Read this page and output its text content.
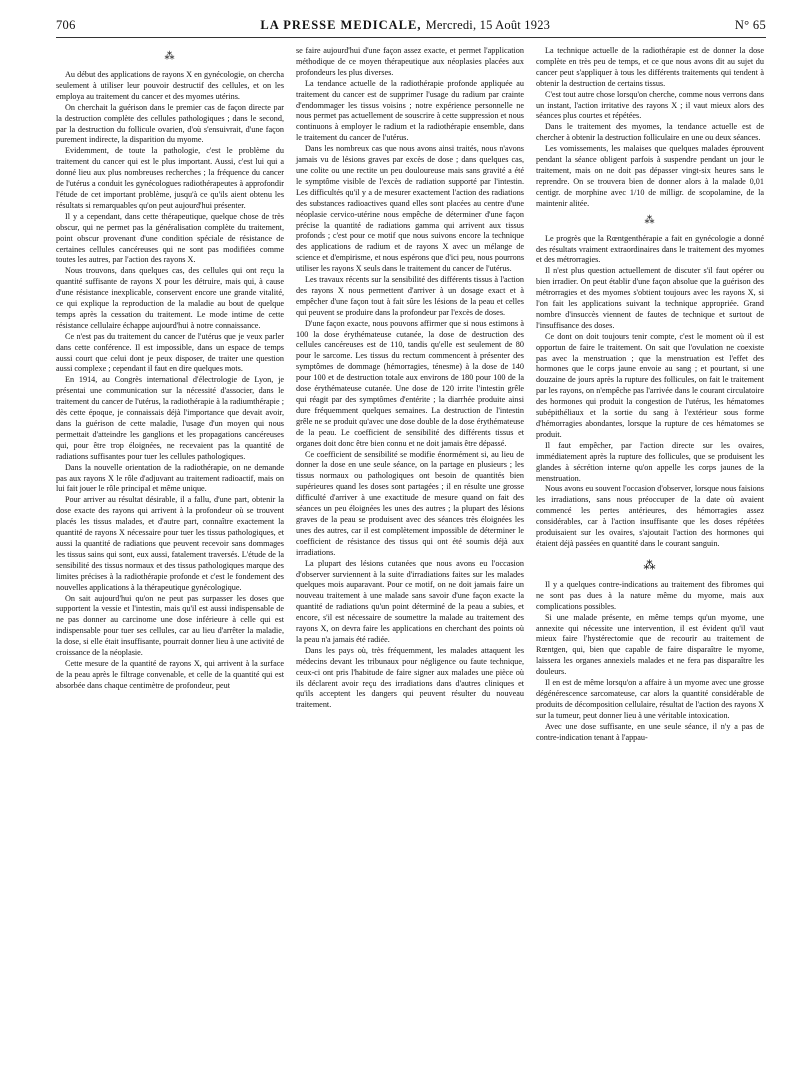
706	LA PRESSE MEDICALE, Mercredi, 15 Août 1923	N° 65
⁂

Au début des applications de rayons X en gynécologie, on chercha seulement à utiliser leur pouvoir destructif des cellules, et on les employa au traitement du cancer et des myomes utérins.

On cherchait la guérison dans le premier cas de façon directe par la destruction complète des cellules pathologiques ; dans le second, par la destruction du follicule ovarien, d'où s'ensuivrait, d'une façon purement indirecte, la disparition du myome.

Evidemment, de toute la pathologie, c'est le problème du traitement du cancer qui est le plus important. Aussi, c'est lui qui a donné lieu aux plus nombreuses recherches ; la fréquence du cancer de l'utérus a conduit les gynécologues radiothérapeutes à approfondir l'étude de cet important problème, jusqu'à ce qu'ils aient obtenu les résultats si remarquables qu'on peut aujourd'hui présenter.

Il y a cependant, dans cette thérapeutique, quelque chose de très obscur, qui ne permet pas la généralisation complète du traitement, point obscur provenant d'une condition spéciale de résistance de certaines cellules cancéreuses qui ne sont pas modifiées comme toutes les autres, par l'action des rayons X.

Nous trouvons, dans quelques cas, des cellules qui ont reçu la quantité suffisante de rayons X pour les détruire, mais qui, à cause d'une résistance inexplicable, conservent encore une grande vitalité, ce qui explique la reproduction de la maladie au bout de quelque temps après la cessation du traitement. Le mode intime de cette résistance cellulaire échappe aujourd'hui à notre connaissance.

Ce n'est pas du traitement du cancer de l'utérus que je veux parler dans cette conférence. Il est impossible, dans un espace de temps aussi court que celui dont je peux disposer, de traiter une question aussi complexe ; cependant il faut en dire quelques mots.

En 1914, au Congrès international d'électrologie de Lyon, je présentai une communication sur la nécessité d'associer, dans le traitement du cancer de l'utérus, la radiothérapie à la radiumthérapie ; dès cette époque, je connaissais déjà l'importance que devait avoir, dans la guérison de cette maladie, l'usage d'un moyen qui nous permettait d'atteindre les ganglions et les propagations cancéreuses qui, pour être trop éloignées, ne recevaient pas la quantité de radiations suffisantes pour tuer les cellules pathologiques.

Dans la nouvelle orientation de la radiothérapie, on ne demande pas aux rayons X le rôle d'adjuvant au traitement radioactif, mais on lui fait jouer le rôle principal et même unique.

Pour arriver au résultat désirable, il a fallu, d'une part, obtenir la dose exacte des rayons qui arrivent à la profondeur où se trouvent placés les tissus malades, et d'autre part, connaître exactement la quantité de rayons X nécessaire pour tuer les tissus pathologiques, et aussi la quantité de radiations que peuvent recevoir sans dommages les tissus sains qui sont, eux aussi, fatalement traversés. L'étude de la sensibilité des tissus normaux et des tissus pathologiques marque des limites précises à la radiothérapie profonde et c'est le fondement des nouvelles applications à la thérapeutique gynécologique.

On sait aujourd'hui qu'on ne peut pas surpasser les doses que supportent la vessie et l'intestin, mais qu'il est aussi indispensable de ne pas donner au carcinome une dose inférieure à celle qui est indispensable pour tuer ses cellules, car au lieu d'arrêter la maladie, la dose, si elle était insuffisante, pourrait donner lieu à une activité de croissance de la néoplasie.

Cette mesure de la quantité de rayons X, qui arrivent à la surface de la peau après le filtrage convenable, et celle de la quantité qui est absorbée dans chaque centimètre de profondeur, peut

se faire aujourd'hui d'une façon assez exacte, et permet l'application méthodique de ce moyen thérapeutique aux néoplasies placées aux profondeurs les plus diverses.

La tendance actuelle de la radiothérapie profonde appliquée au traitement du cancer est de supprimer l'usage du radium par crainte d'endommager les tissus voisins ; notre expérience personnelle ne nous permet pas actuellement de souscrire à cette suppression et nous continuons à employer le radium et la radiothérapie ensemble, dans le traitement du cancer de l'utérus.

Dans les nombreux cas que nous avons ainsi traités, nous n'avons jamais vu de lésions graves par excès de dose ; dans quelques cas, une colite ou une rectite un peu douloureuse mais sans gravité a été le symptôme visible de l'excès de radiation supporté par l'intestin. Les difficultés qu'il y a de mesurer exactement l'action des radiations des substances radioactives quand elles sont placées au centre d'une néoplasie cervico-utérine nous empêche de déterminer d'une façon précise la quantité de radiations gamma qui arrivent aux tissus profonds ; c'est pour ce motif que nous suivons encore la technique des applications de radium et de rayons X avec un mélange de science et d'empirisme, et nous espérons que d'ici peu, nous pourrons utiliser les rayons X seuls dans le traitement du cancer de l'utérus.

Les travaux récents sur la sensibilité des différents tissus à l'action des rayons X nous permettent d'arriver à un dosage exact et à empêcher d'une façon tout à fait sûre les lésions de la peau et celles qui peuvent se produire dans la profondeur par l'excès de doses.

D'une façon exacte, nous pouvons affirmer que si nous estimons à 100 la dose érythémateuse cutanée, la dose de destruction des cellules cancéreuses est de 110, tandis qu'elle est seulement de 80 pour le sarcome. Les tissus du rectum commencent à présenter des symptômes de dommage (hémorragies, ténesme) à la dose de 140 pour 100 et de destruction totale aux environs de 180 pour 100 de la dose érythémateuse cutanée. Une dose de 120 irrite l'intestin grêle qui réagit par des symptômes d'entérite ; la diarrhée produite ainsi dure fréquemment quelques semaines. La destruction de l'intestin grêle ne se produit qu'avec une dose double de la dose érythémateuse de la peau. Le coefficient de sensibilité des différents tissus et organes doit donc être bien connu et ne doit jamais être dépassé.

Ce coefficient de sensibilité se modifie énormément si, au lieu de donner la dose en une seule séance, on la partage en plusieurs ; les tissus normaux ou pathologiques ont besoin de quantités bien supérieures quand les doses sont partagées ; il en résulte une grosse difficulté d'arriver à une exactitude de mesure quand on fait des séances un peu éloignées les unes des autres ; la plupart des lésions graves de la peau se produisent avec des séances très éloignées les unes des autres, car il est complètement impossible de déterminer le coefficient de résistance des tissus qui ont été soumis déjà aux irradiations.

La plupart des lésions cutanées que nous avons eu l'occasion d'observer surviennent à la suite d'irradiations faites sur les malades quelques mois auparavant. Pour ce motif, on ne doit jamais faire un nouveau traitement à une malade sans savoir d'une façon exacte la quantité de radiations qu'un point déterminé de la peau a subies, et encore, s'il est nécessaire de soumettre la malade au traitement des rayons X, on devra faire les applications en cherchant des points où la peau n'a jamais été radiée.

Dans les pays où, très fréquemment, les malades attaquent les médecins devant les tribunaux pour négligence ou faute technique, ceux-ci ont pris l'habitude de faire signer aux malades une pièce où ils déclarent avoir reçu des irradiations dans d'autres cliniques et qu'ils acceptent les dangers qui peuvent résulter du nouveau traitement.

La technique actuelle de la radiothérapie est de donner la dose complète en très peu de temps, et ce que nous avons dit au sujet du cancer peut s'appliquer à tous les différents traitements qui tendent à obtenir la destruction de certains tissus.

C'est tout autre chose lorsqu'on cherche, comme nous verrons dans un instant, l'action irritative des rayons X ; il vaut mieux alors des séances plus courtes et répétées.

Dans le traitement des myomes, la tendance actuelle est de chercher à obtenir la destruction folliculaire en une ou deux séances.

Les vomissements, les malaises que quelques malades éprouvent pendant la séance obligent parfois à suspendre pendant un jour le traitement, mais on ne doit pas dépasser vingt-six heures sans le reprendre. On se trouvera bien de donner alors à la malade 0,01 centigr. de morphine avec 1/10 de milligr. de scopolamine, de la maintenir alitée.

⁂

Le progrès que la Rœntgenthérapie a fait en gynécologie a donné des résultats vraiment extraordinaires dans le traitement des myomes et des métrorragies.

Il n'est plus question actuellement de discuter s'il faut opérer ou bien irradier. On peut établir d'une façon absolue que la guérison des métrorragies et des myomes s'obtient toujours avec les rayons X, si l'on fait les applications suivant la technique appropriée. Grand nombre d'insuccès viennent de fautes de technique et surtout de l'insuffisance des doses.

Ce dont on doit toujours tenir compte, c'est le moment où il est opportun de faire le traitement. On sait que l'ovulation ne coexiste pas avec la menstruation ; que la menstruation est l'effet des hormones que le corps jaune envoie au sang ; et pourtant, si une douzaine de jours après la rupture des follicules, on fait le traitement par les rayons, on n'empêche pas l'arrivée dans le courant circulatoire des hormones qui produit la congestion de l'utérus, les hématomes subépithéliaux et la sortie du sang à l'extérieur sous forme d'hémorragies abondantes, lorsque la rupture de ces hématomes se produit.

Il faut empêcher, par l'action directe sur les ovaires, immédiatement après la rupture des follicules, que se produisent les glandes à sécrétion interne qu'on appelle les corps jaunes de la menstruation.

Nous avons eu souvent l'occasion d'observer, lorsque nous faisions les irradiations, sans nous préoccuper de la date où avaient commencé les pertes antérieures, des hémorragies assez considérables, car à l'action insuffisante que les doses répétées produisaient sur les ovaires, s'ajoutait l'action des hormones qui étaient déjà passées en quantité dans le courant sanguin.

⁂

Il y a quelques contre-indications au traitement des fibromes qui ne sont pas dues à la nature même du myome, mais aux complications possibles.

Si une malade présente, en même temps qu'un myome, une annexite qui nécessite une intervention, il est évident qu'il vaut mieux faire l'hystérectomie que de recourir au traitement de Rœntgen, qui, bien que capable de faire disparaître le myome, laissera les organes annexiels malades et ne fera pas disparaître les douleurs.

Il en est de même lorsqu'on a affaire à un myome avec une grosse dégénérescence sarcomateuse, car alors la quantité considérable de produits de décomposition cellulaire, résultat de l'action des rayons X sur la tumeur, peut donner lieu à une véritable intoxication.

Avec une dose suffisante, en une seule séance, il n'y a pas de contre-indication tenant à l'appau-
